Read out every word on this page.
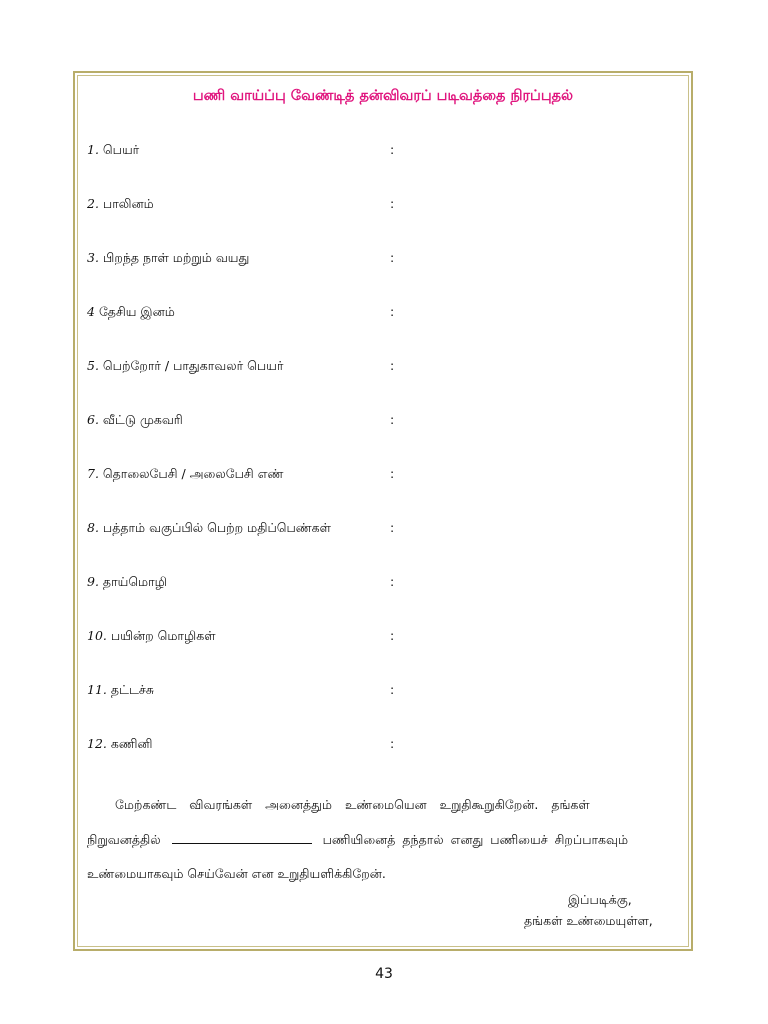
பணி வாய்ப்பு வேண்டித் தன்விவரப் படிவத்தை நிரப்புதல்
1. பெயர்	:
2. பாலினம்	:
3. பிறந்த நாள் மற்றும் வயது	:
4 தேசிய இனம்	:
5. பெற்றோர் / பாதுகாவலர் பெயர்	:
6. வீட்டு முகவரி	:
7. தொலைபேசி / அலைபேசி எண்	:
8. பத்தாம் வகுப்பில் பெற்ற மதிப்பெண்கள்	:
9. தாய்மொழி	:
10. பயின்ற மொழிகள்	:
11. தட்டச்சு	:
12. கணினி	:
மேற்கண்ட விவரங்கள் அனைத்தும் உண்மையென உறுதிகூறுகிறேன். தங்கள்
நிறுவனத்தில்	பணியினைத் தந்தால் எனது பணியைச் சிறப்பாகவும்
உண்மையாகவும் செய்வேன் என உறுதியளிக்கிறேன்.
இப்படிக்கு,
தங்கள் உண்மையுள்ள,
43
